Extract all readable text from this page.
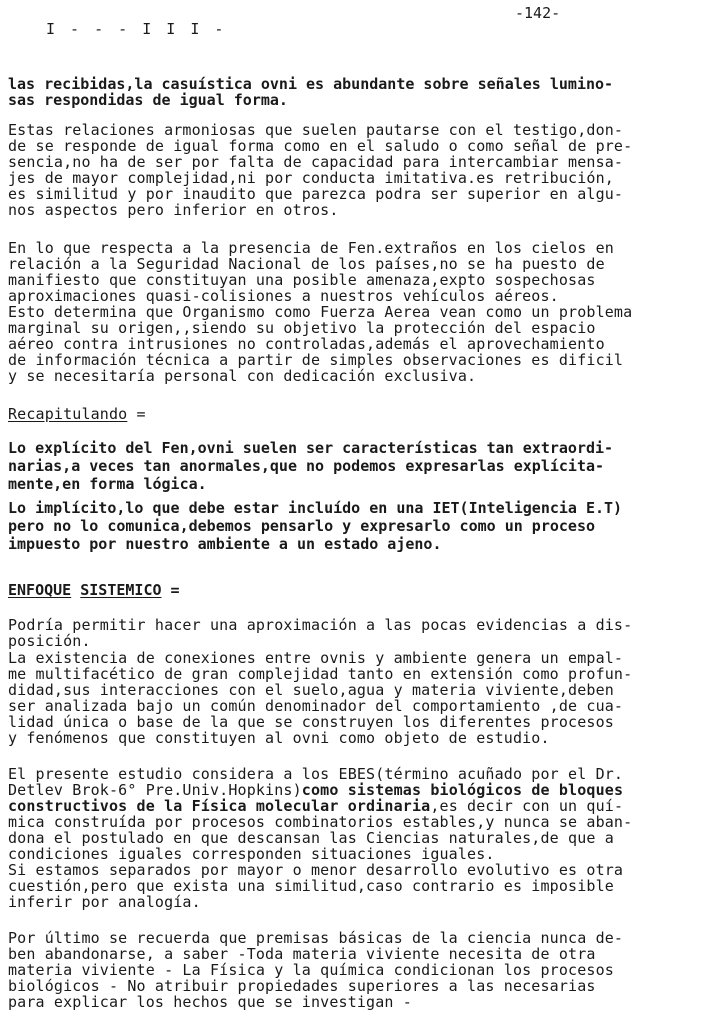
I - - - I I I -

-142-

las recibidas,la casuística ovni es abundante sobre señales lumino-

sas respondidas de igual forma.

Estas relaciones armoniosas que suelen pautarse con el testigo,don-

de se responde de igual forma como en el saludo o como señal de pre-

sencia,no ha de ser por falta de capacidad para intercambiar mensa-

jes de mayor complejidad,ni por conducta imitativa.es retribución,

es similitud y por inaudito que parezca podra ser superior en algu-

nos aspectos pero inferior en otros.

En lo que respecta a la presencia de Fen.extraños en los cielos en

relación a la Seguridad Nacional de los países,no se ha puesto de

manifiesto que constituyan una posible amenaza,expto sospechosas

aproximaciones quasi-colisiones a nuestros vehículos aéreos.

Esto determina que Organismo como Fuerza Aerea vean como un problema

marginal su origen,,siendo su objetivo la protección del espacio

aéreo contra intrusiones no controladas,además el aprovechamiento

de información técnica a partir de simples observaciones es dificil

y se necesitaría personal con dedicación exclusiva.

Recapitulando =

Lo explícito del Fen,ovni suelen ser características tan extraordi-

narias,a veces tan anormales,que no podemos expresarlas explícita-

mente,en forma lógica.

Lo implícito,lo que debe estar incluído en una IET(Inteligencia E.T)

pero no lo comunica,debemos pensarlo y expresarlo como un proceso

impuesto por nuestro ambiente a un estado ajeno.

ENFOQUE SISTEMICO =

Podría permitir hacer una aproximación a las pocas evidencias a dis-

posición.

La existencia de conexiones entre ovnis y ambiente genera un empal-

me multifacético de gran complejidad tanto en extensión como profun-

didad,sus interacciones con el suelo,agua y materia viviente,deben

ser analizada bajo un común denominador del comportamiento ,de cua-

lidad única o base de la que se construyen los diferentes procesos

y fenómenos que constituyen al ovni como objeto de estudio.

El presente estudio considera a los EBES(término acuñado por el Dr.

Detlev Brok-6° Pre.Univ.Hopkins)como sistemas biológicos de bloques

constructivos de la Física molecular ordinaria,es decir con un quí-

mica construída por procesos combinatorios estables,y nunca se aban-

dona el postulado en que descansan las Ciencias naturales,de que a

condiciones iguales corresponden situaciones iguales.

Si estamos separados por mayor o menor desarrollo evolutivo es otra

cuestión,pero que exista una similitud,caso contrario es imposible

inferir por analogía.

Por último se recuerda que premisas básicas de la ciencia nunca de-

ben abandonarse, a saber -Toda materia viviente necesita de otra

materia viviente - La Física y la química condicionan los procesos

biológicos - No atribuir propiedades superiores a las necesarias

para explicar los hechos que se investigan -
